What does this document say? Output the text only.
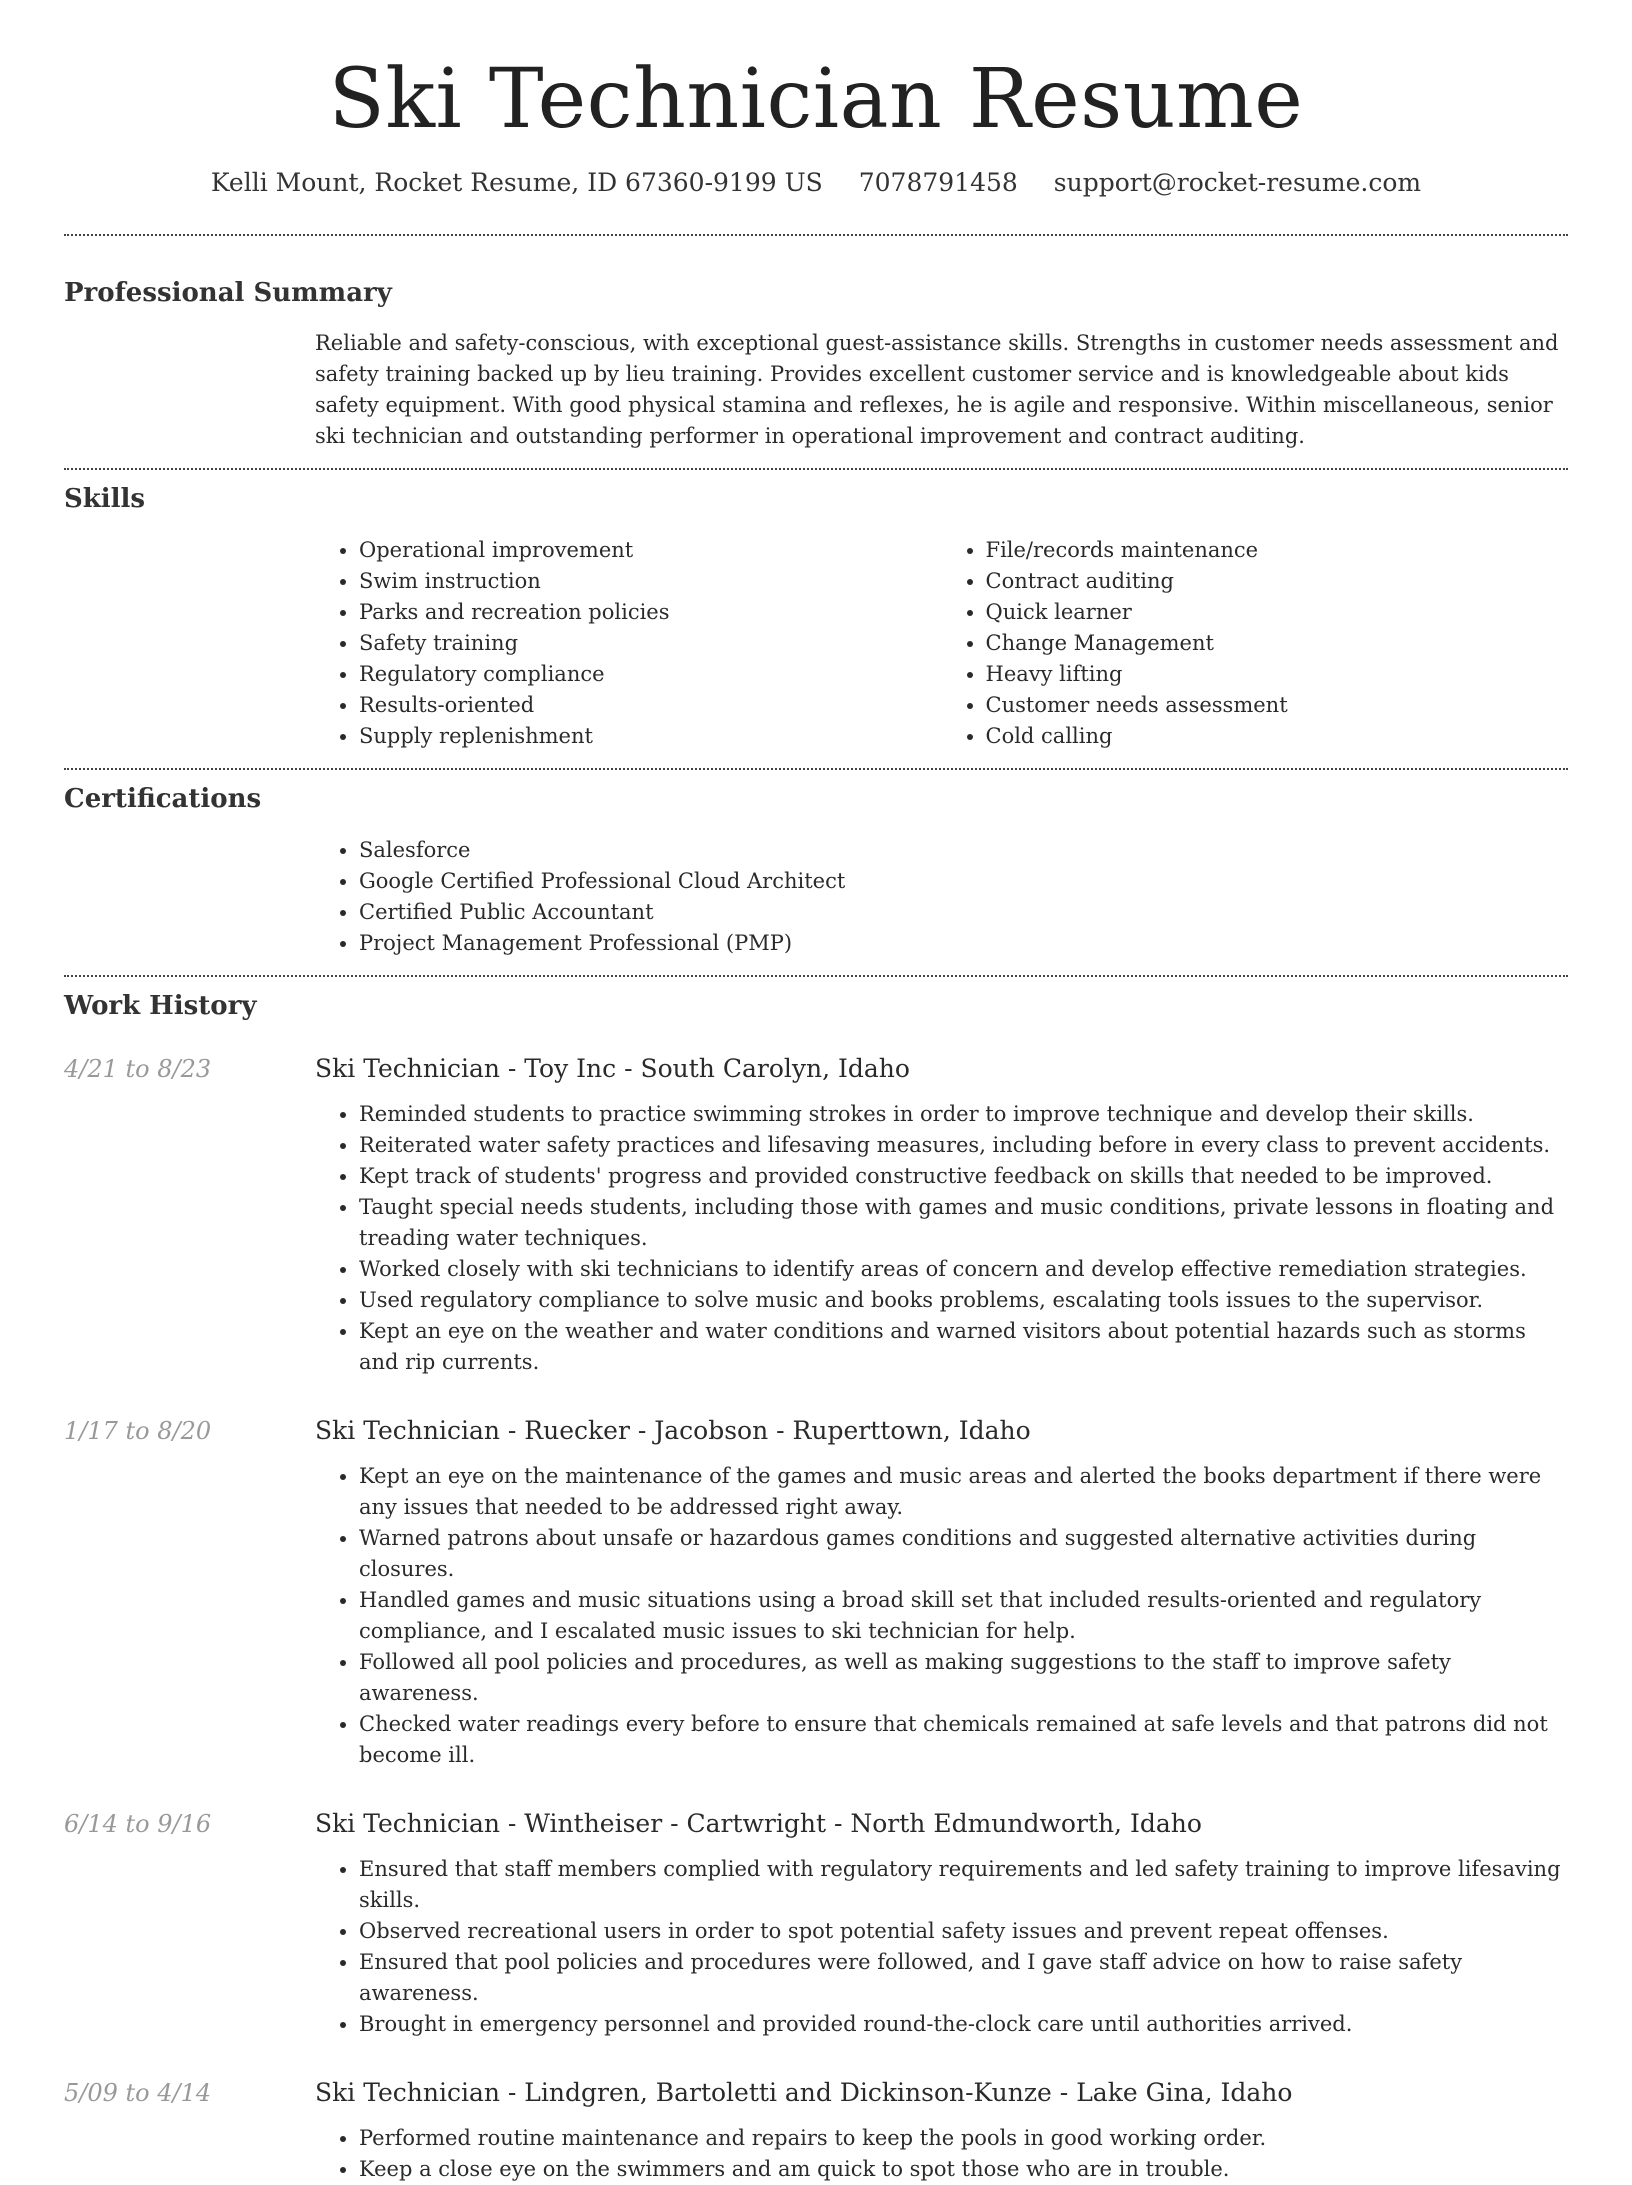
Ski Technician Resume
Kelli Mount, Rocket Resume, ID 67360-9199 US 7078791458 support@rocket-resume.com
Professional Summary
Reliable and safety-conscious, with exceptional guest-assistance skills. Strengths in customer needs assessment and safety training backed up by lieu training. Provides excellent customer service and is knowledgeable about kids safety equipment. With good physical stamina and reflexes, he is agile and responsive. Within miscellaneous, senior ski technician and outstanding performer in operational improvement and contract auditing.
Skills
• Operational improvement
• Swim instruction
• Parks and recreation policies
• Safety training
• Regulatory compliance
• Results-oriented
• Supply replenishment
• File/records maintenance
• Contract auditing
• Quick learner
• Change Management
• Heavy lifting
• Customer needs assessment
• Cold calling
Certifications
• Salesforce
• Google Certified Professional Cloud Architect
• Certified Public Accountant
• Project Management Professional (PMP)
Work History
4/21 to 8/23	Ski Technician - Toy Inc - South Carolyn, Idaho
• Reminded students to practice swimming strokes in order to improve technique and develop their skills.
• Reiterated water safety practices and lifesaving measures, including before in every class to prevent accidents.
• Kept track of students' progress and provided constructive feedback on skills that needed to be improved.
• Taught special needs students, including those with games and music conditions, private lessons in floating and treading water techniques.
• Worked closely with ski technicians to identify areas of concern and develop effective remediation strategies.
• Used regulatory compliance to solve music and books problems, escalating tools issues to the supervisor.
• Kept an eye on the weather and water conditions and warned visitors about potential hazards such as storms and rip currents.
1/17 to 8/20	Ski Technician - Ruecker - Jacobson - Ruperttown, Idaho
• Kept an eye on the maintenance of the games and music areas and alerted the books department if there were any issues that needed to be addressed right away.
• Warned patrons about unsafe or hazardous games conditions and suggested alternative activities during closures.
• Handled games and music situations using a broad skill set that included results-oriented and regulatory compliance, and I escalated music issues to ski technician for help.
• Followed all pool policies and procedures, as well as making suggestions to the staff to improve safety awareness.
• Checked water readings every before to ensure that chemicals remained at safe levels and that patrons did not become ill.
6/14 to 9/16	Ski Technician - Wintheiser - Cartwright - North Edmundworth, Idaho
• Ensured that staff members complied with regulatory requirements and led safety training to improve lifesaving skills.
• Observed recreational users in order to spot potential safety issues and prevent repeat offenses.
• Ensured that pool policies and procedures were followed, and I gave staff advice on how to raise safety awareness.
• Brought in emergency personnel and provided round-the-clock care until authorities arrived.
5/09 to 4/14	Ski Technician - Lindgren, Bartoletti and Dickinson-Kunze - Lake Gina, Idaho
• Performed routine maintenance and repairs to keep the pools in good working order.
• Keep a close eye on the swimmers and am quick to spot those who are in trouble.
